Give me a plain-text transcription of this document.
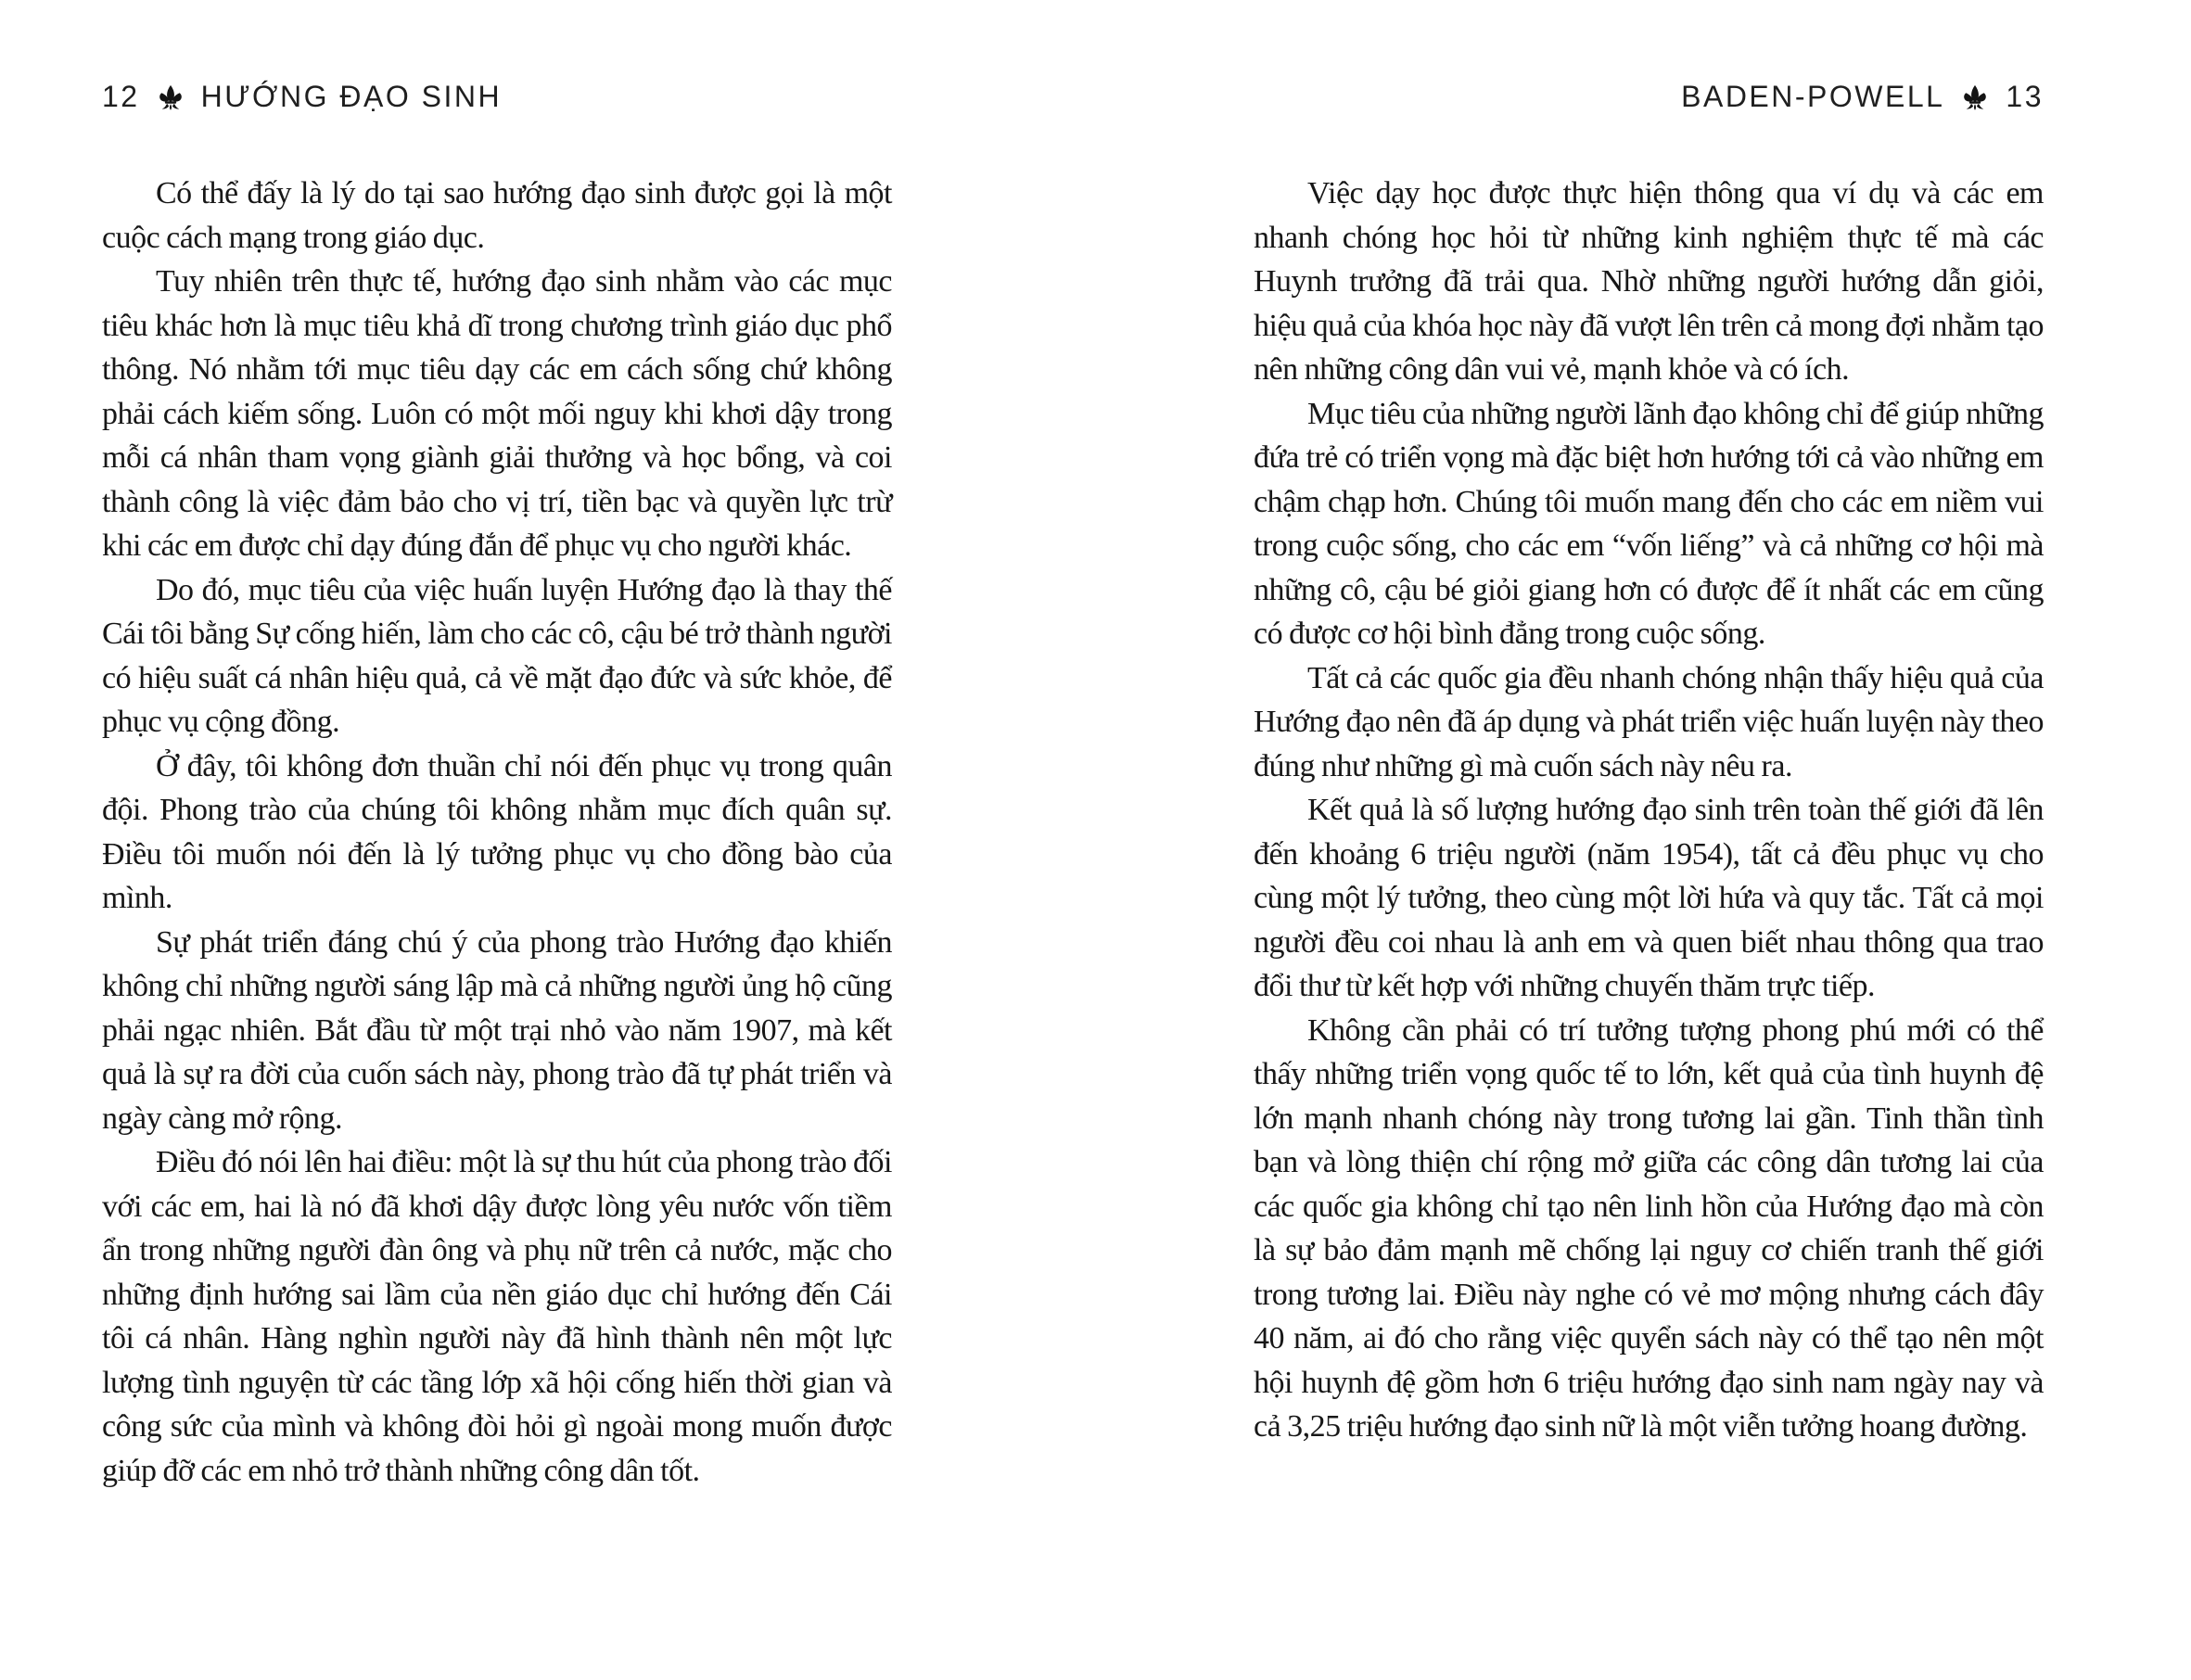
12 HƯỚNG ĐẠO SINH	BADEN-POWELL 13

Có thể đấy là lý do tại sao hướng đạo sinh được gọi là một cuộc cách mạng trong giáo dục.

Tuy nhiên trên thực tế, hướng đạo sinh nhằm vào các mục tiêu khác hơn là mục tiêu khả dĩ trong chương trình giáo dục phổ thông. Nó nhằm tới mục tiêu dạy các em cách sống chứ không phải cách kiếm sống. Luôn có một mối nguy khi khơi dậy trong mỗi cá nhân tham vọng giành giải thưởng và học bổng, và coi thành công là việc đảm bảo cho vị trí, tiền bạc và quyền lực trừ khi các em được chỉ dạy đúng đắn để phục vụ cho người khác.

Do đó, mục tiêu của việc huấn luyện Hướng đạo là thay thế Cái tôi bằng Sự cống hiến, làm cho các cô, cậu bé trở thành người có hiệu suất cá nhân hiệu quả, cả về mặt đạo đức và sức khỏe, để phục vụ cộng đồng.

Ở đây, tôi không đơn thuần chỉ nói đến phục vụ trong quân đội. Phong trào của chúng tôi không nhằm mục đích quân sự. Điều tôi muốn nói đến là lý tưởng phục vụ cho đồng bào của mình.

Sự phát triển đáng chú ý của phong trào Hướng đạo khiến không chỉ những người sáng lập mà cả những người ủng hộ cũng phải ngạc nhiên. Bắt đầu từ một trại nhỏ vào năm 1907, mà kết quả là sự ra đời của cuốn sách này, phong trào đã tự phát triển và ngày càng mở rộng.

Điều đó nói lên hai điều: một là sự thu hút của phong trào đối với các em, hai là nó đã khơi dậy được lòng yêu nước vốn tiềm ẩn trong những người đàn ông và phụ nữ trên cả nước, mặc cho những định hướng sai lầm của nền giáo dục chỉ hướng đến Cái tôi cá nhân. Hàng nghìn người này đã hình thành nên một lực lượng tình nguyện từ các tầng lớp xã hội cống hiến thời gian và công sức của mình và không đòi hỏi gì ngoài mong muốn được giúp đỡ các em nhỏ trở thành những công dân tốt.

Việc dạy học được thực hiện thông qua ví dụ và các em nhanh chóng học hỏi từ những kinh nghiệm thực tế mà các Huynh trưởng đã trải qua. Nhờ những người hướng dẫn giỏi, hiệu quả của khóa học này đã vượt lên trên cả mong đợi nhằm tạo nên những công dân vui vẻ, mạnh khỏe và có ích.

Mục tiêu của những người lãnh đạo không chỉ để giúp những đứa trẻ có triển vọng mà đặc biệt hơn hướng tới cả vào những em chậm chạp hơn. Chúng tôi muốn mang đến cho các em niềm vui trong cuộc sống, cho các em “vốn liếng” và cả những cơ hội mà những cô, cậu bé giỏi giang hơn có được để ít nhất các em cũng có được cơ hội bình đẳng trong cuộc sống.

Tất cả các quốc gia đều nhanh chóng nhận thấy hiệu quả của Hướng đạo nên đã áp dụng và phát triển việc huấn luyện này theo đúng như những gì mà cuốn sách này nêu ra.

Kết quả là số lượng hướng đạo sinh trên toàn thế giới đã lên đến khoảng 6 triệu người (năm 1954), tất cả đều phục vụ cho cùng một lý tưởng, theo cùng một lời hứa và quy tắc. Tất cả mọi người đều coi nhau là anh em và quen biết nhau thông qua trao đổi thư từ kết hợp với những chuyến thăm trực tiếp.

Không cần phải có trí tưởng tượng phong phú mới có thể thấy những triển vọng quốc tế to lớn, kết quả của tình huynh đệ lớn mạnh nhanh chóng này trong tương lai gần. Tinh thần tình bạn và lòng thiện chí rộng mở giữa các công dân tương lai của các quốc gia không chỉ tạo nên linh hồn của Hướng đạo mà còn là sự bảo đảm mạnh mẽ chống lại nguy cơ chiến tranh thế giới trong tương lai. Điều này nghe có vẻ mơ mộng nhưng cách đây 40 năm, ai đó cho rằng việc quyển sách này có thể tạo nên một hội huynh đệ gồm hơn 6 triệu hướng đạo sinh nam ngày nay và cả 3,25 triệu hướng đạo sinh nữ là một viễn tưởng hoang đường.
